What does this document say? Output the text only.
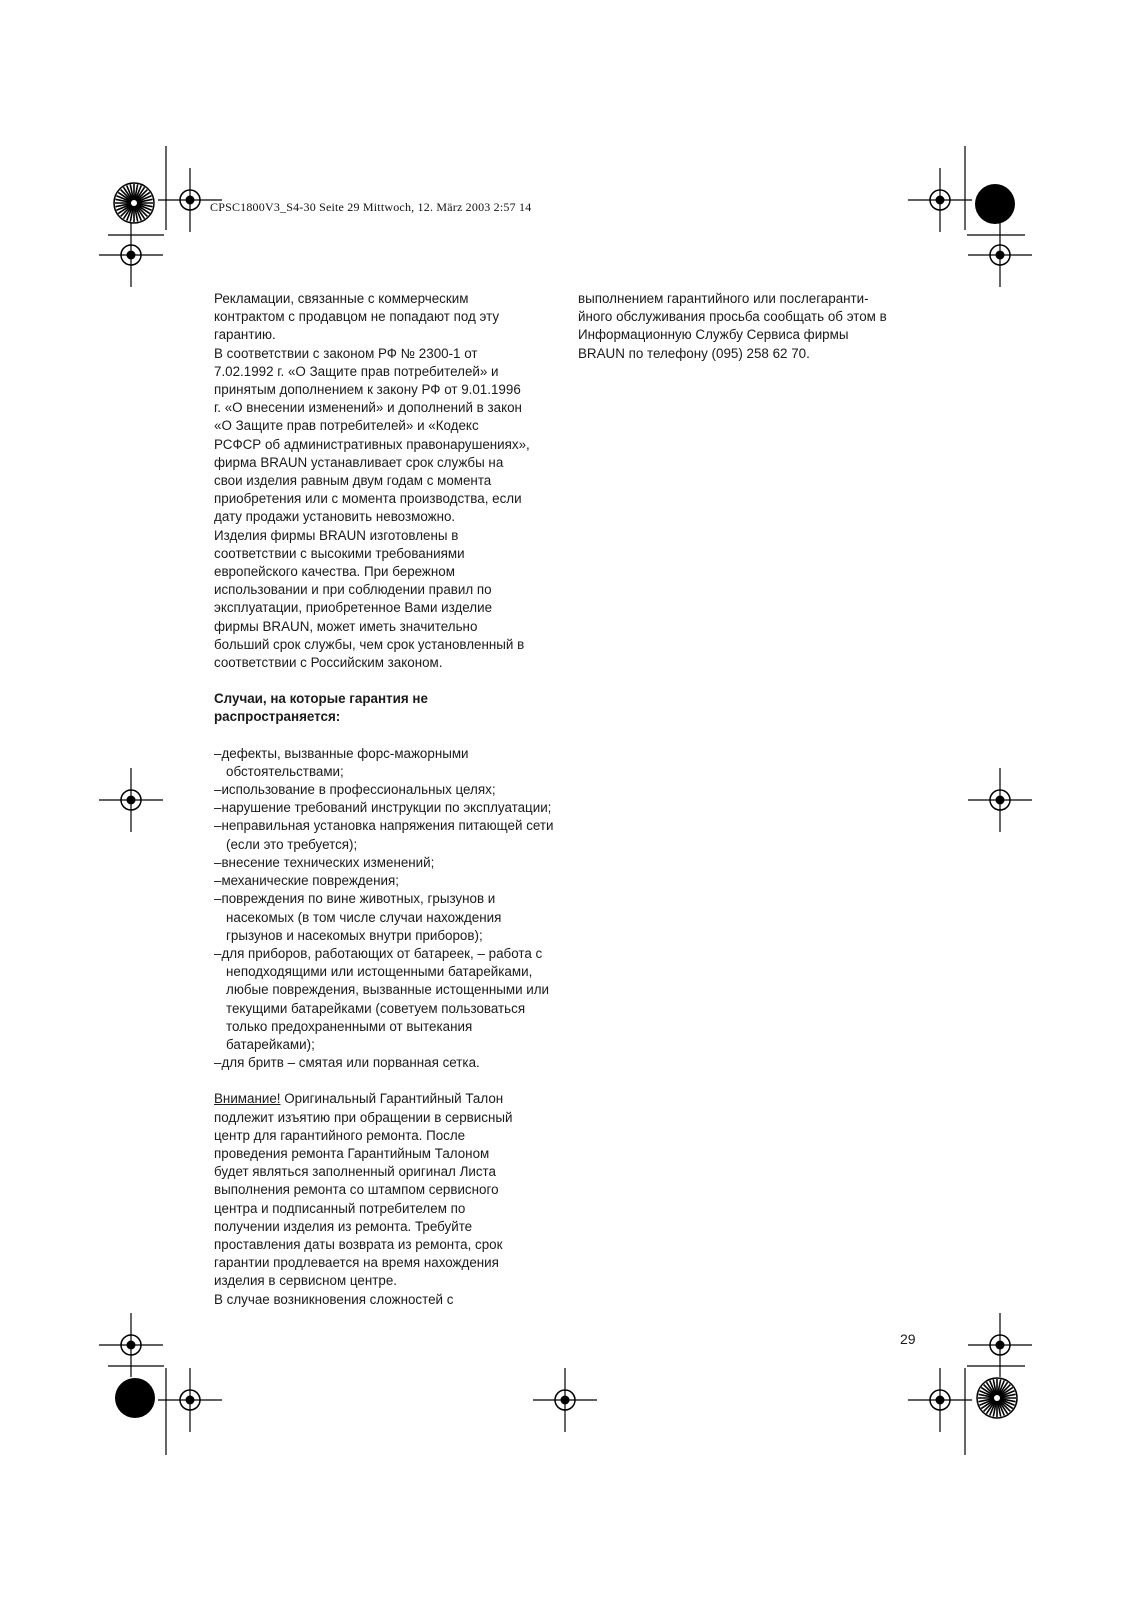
CPSC1800V3_S4-30 Seite 29 Mittwoch, 12. März 2003 2:57 14

Рекламации, связанные с коммерческим

контрактом с продавцом не попадают под эту

гарантию.

В соответствии с законом РФ № 2300-1 от

7.02.1992 г. «О Защите прав потребителей» и

принятым дополнением к закону РФ от 9.01.1996

г. «О внесении изменений» и дополнений в закон

«О Защите прав потребителей» и «Кодекс

РСФСР об административных правонарушениях»,

фирма BRAUN устанавливает срок службы на

свои изделия равным двум годам с момента

приобретения или с момента производства, если

дату продажи установить невозможно.

Изделия фирмы BRAUN изготовлены в

соответствии с высокими требованиями

европейского качества. При бережном

использовании и при соблюдении правил по

эксплуатации, приобретенное Вами изделие

фирмы BRAUN, может иметь значительно

больший срок службы, чем срок установленный в

соответствии с Российским законом.

Случаи, на которые гарантия не

распространяется:

–дефекты, вызванные форс-мажорными обстоятельствами;
–использование в профессиональных целях;
–нарушение требований инструкции по эксплуатации;
–неправильная установка напряжения питающей сети (если это требуется);
–внесение технических изменений;
–механические повреждения;
–повреждения по вине животных, грызунов и насекомых (в том числе случаи нахождения грызунов и насекомых внутри приборов);
–для приборов, работающих от батареек, – работа с неподходящими или истощенными батарейками, любые повреждения, вызванные истощенными или текущими батарейками (советуем пользоваться только предохраненными от вытекания батарейками);
–для бритв – смятая или порванная сетка.

Внимание! Оригинальный Гарантийный Талон

подлежит изъятию при обращении в сервисный

центр для гарантийного ремонта. После

проведения ремонта Гарантийным Талоном

будет являться заполненный оригинал Листа

выполнения ремонта со штампом сервисного

центра и подписанный потребителем по

получении изделия из ремонта. Требуйте

проставления даты возврата из ремонта, срок

гарантии продлевается на время нахождения

изделия в сервисном центре.

В случае возникновения сложностей с

выполнением гарантийного или послегаранти-

йного обслуживания просьба сообщать об этом в

Информационную Службу Сервиса фирмы

BRAUN по телефону (095) 258 62 70.

29
